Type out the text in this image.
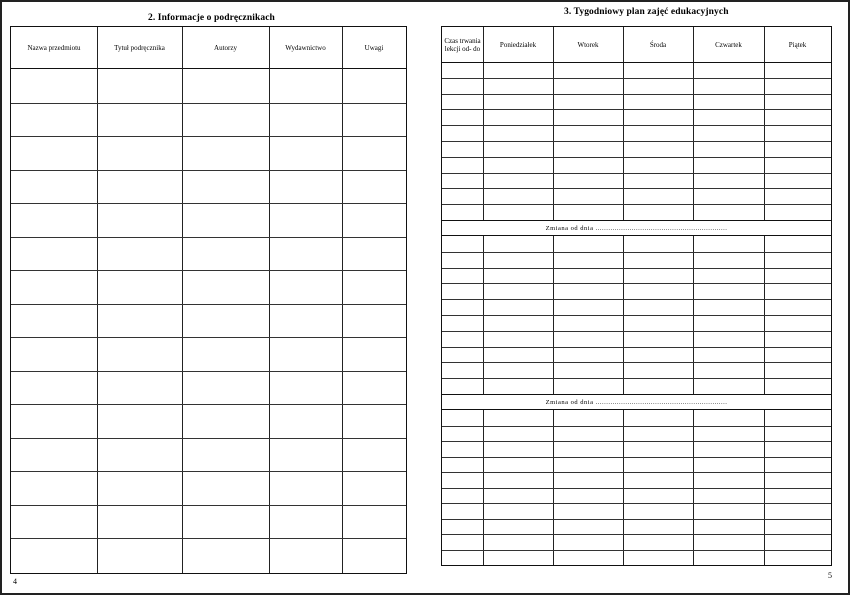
2. Informacje o podręcznikach
3. Tygodniowy plan zajęć edukacyjnych
Nazwa przedmiotu	Tytuł podręcznika	Autorzy	Wydawnictwo	Uwagi
Czas trwania lekcji od- do	Poniedziałek	Wtorek	Środa	Czwartek	Piątek
Zmiana od dnia ..............................................................
Zmiana od dnia ..............................................................
4
5
